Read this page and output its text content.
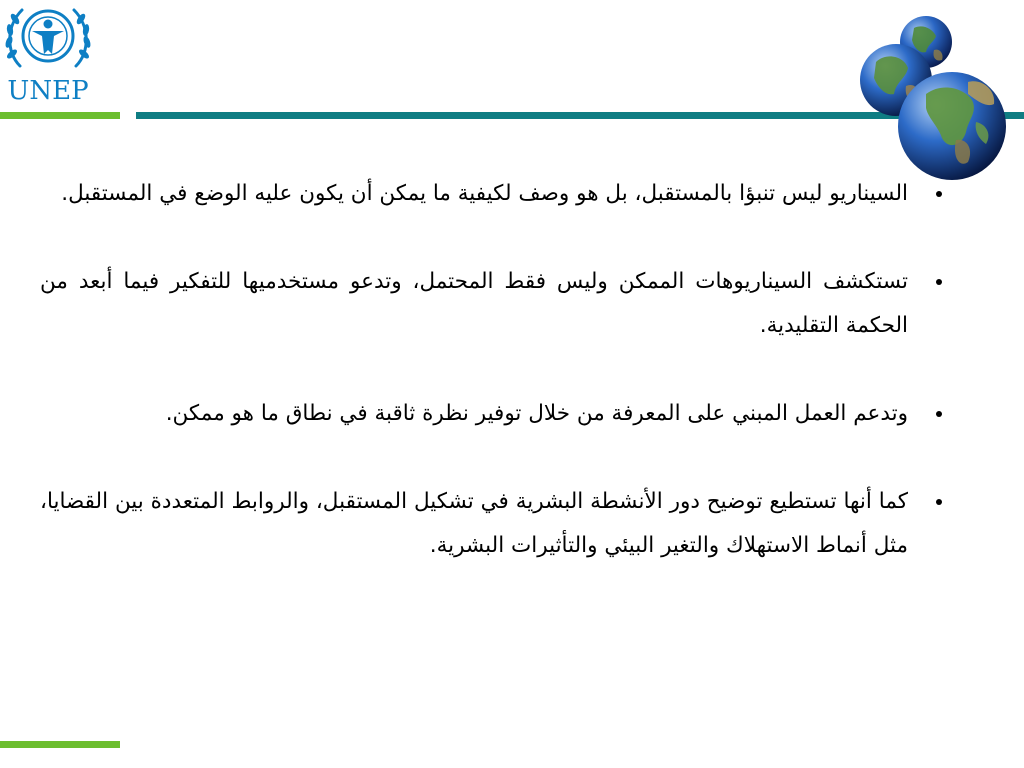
UNEP
السيناريو ليس تنبؤا بالمستقبل، بل هو وصف لكيفية ما يمكن أن يكون عليه الوضع في المستقبل.
تستكشف السيناريوهات الممكن وليس فقط المحتمل، وتدعو مستخدميها للتفكير فيما أبعد من الحكمة التقليدية.
وتدعم العمل المبني على المعرفة من خلال توفير نظرة ثاقبة في نطاق ما هو ممكن.
كما أنها تستطيع توضيح دور الأنشطة البشرية في تشكيل المستقبل، والروابط المتعددة بين القضايا، مثل أنماط الاستهلاك والتغير البيئي والتأثيرات البشرية.
